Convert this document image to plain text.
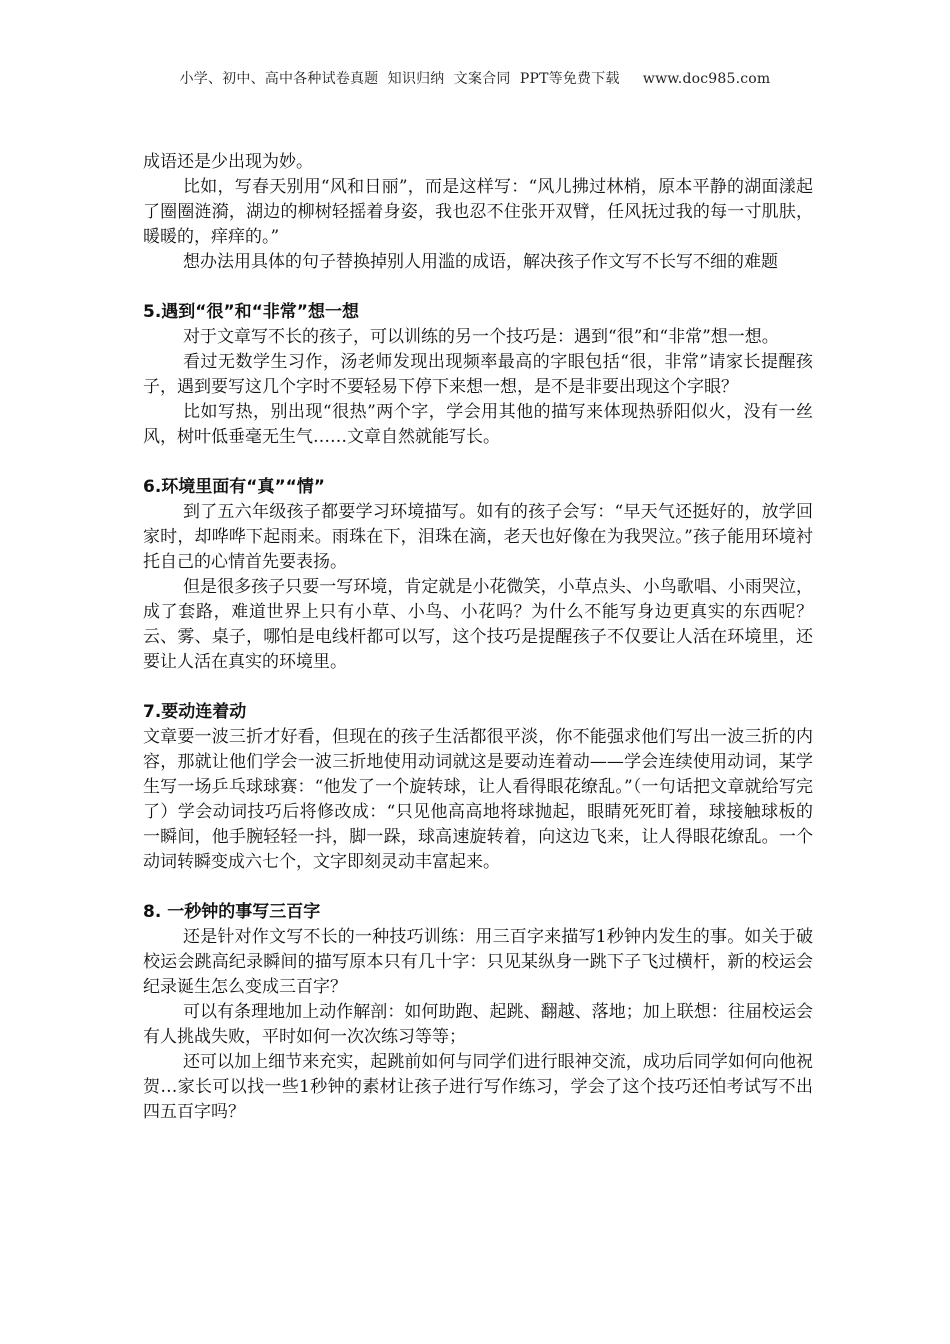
小学、初中、高中各种试卷真题  知识归纳  文案合同  PPT等免费下载     www.doc985.com

成语还是少出现为妙。

比如，写春天别用“风和日丽”，而是这样写：“风儿拂过林梢，原本平静的湖面漾起了圈圈涟漪，湖边的柳树轻摇着身姿，我也忍不住张开双臂，任风抚过我的每一寸肌肤，暖暖的，痒痒的。”

想办法用具体的句子替换掉别人用滥的成语，解决孩子作文写不长写不细的难题

5.遇到“很”和“非常”想一想

对于文章写不长的孩子，可以训练的另一个技巧是：遇到“很”和“非常”想一想。

看过无数学生习作，汤老师发现出现频率最高的字眼包括“很，非常”请家长提醒孩子，遇到要写这几个字时不要轻易下停下来想一想，是不是非要出现这个字眼？

比如写热，别出现“很热”两个字，学会用其他的描写来体现热骄阳似火，没有一丝风，树叶低垂毫无生气……文章自然就能写长。

6.环境里面有“真”“情”

到了五六年级孩子都要学习环境描写。如有的孩子会写：“早天气还挺好的，放学回家时，却哗哗下起雨来。雨珠在下，泪珠在滴，老天也好像在为我哭泣。”孩子能用环境衬托自己的心情首先要表扬。

但是很多孩子只要一写环境，肯定就是小花微笑，小草点头、小鸟歌唱、小雨哭泣，成了套路，难道世界上只有小草、小鸟、小花吗？为什么不能写身边更真实的东西呢？云、雾、桌子，哪怕是电线杆都可以写，这个技巧是提醒孩子不仅要让人活在环境里，还要让人活在真实的环境里。

7.要动连着动

文章要一波三折才好看，但现在的孩子生活都很平淡，你不能强求他们写出一波三折的内容，那就让他们学会一波三折地使用动词就这是要动连着动——学会连续使用动词，某学生写一场乒乓球球赛：“他发了一个旋转球，让人看得眼花缭乱。”（一句话把文章就给写完了）学会动词技巧后将修改成：“只见他高高地将球抛起，眼睛死死盯着，球接触球板的一瞬间，他手腕轻轻一抖，脚一跺，球高速旋转着，向这边飞来，让人得眼花缭乱。一个动词转瞬变成六七个，文字即刻灵动丰富起来。

8. 一秒钟的事写三百字

还是针对作文写不长的一种技巧训练：用三百字来描写1秒钟内发生的事。如关于破校运会跳高纪录瞬间的描写原本只有几十字：只见某纵身一跳下子飞过横杆，新的校运会纪录诞生怎么变成三百字？

可以有条理地加上动作解剖：如何助跑、起跳、翻越、落地；加上联想：往届校运会有人挑战失败，平时如何一次次练习等等；

还可以加上细节来充实，起跳前如何与同学们进行眼神交流，成功后同学如何向他祝贺…家长可以找一些1秒钟的素材让孩子进行写作练习，学会了这个技巧还怕考试写不出四五百字吗？
